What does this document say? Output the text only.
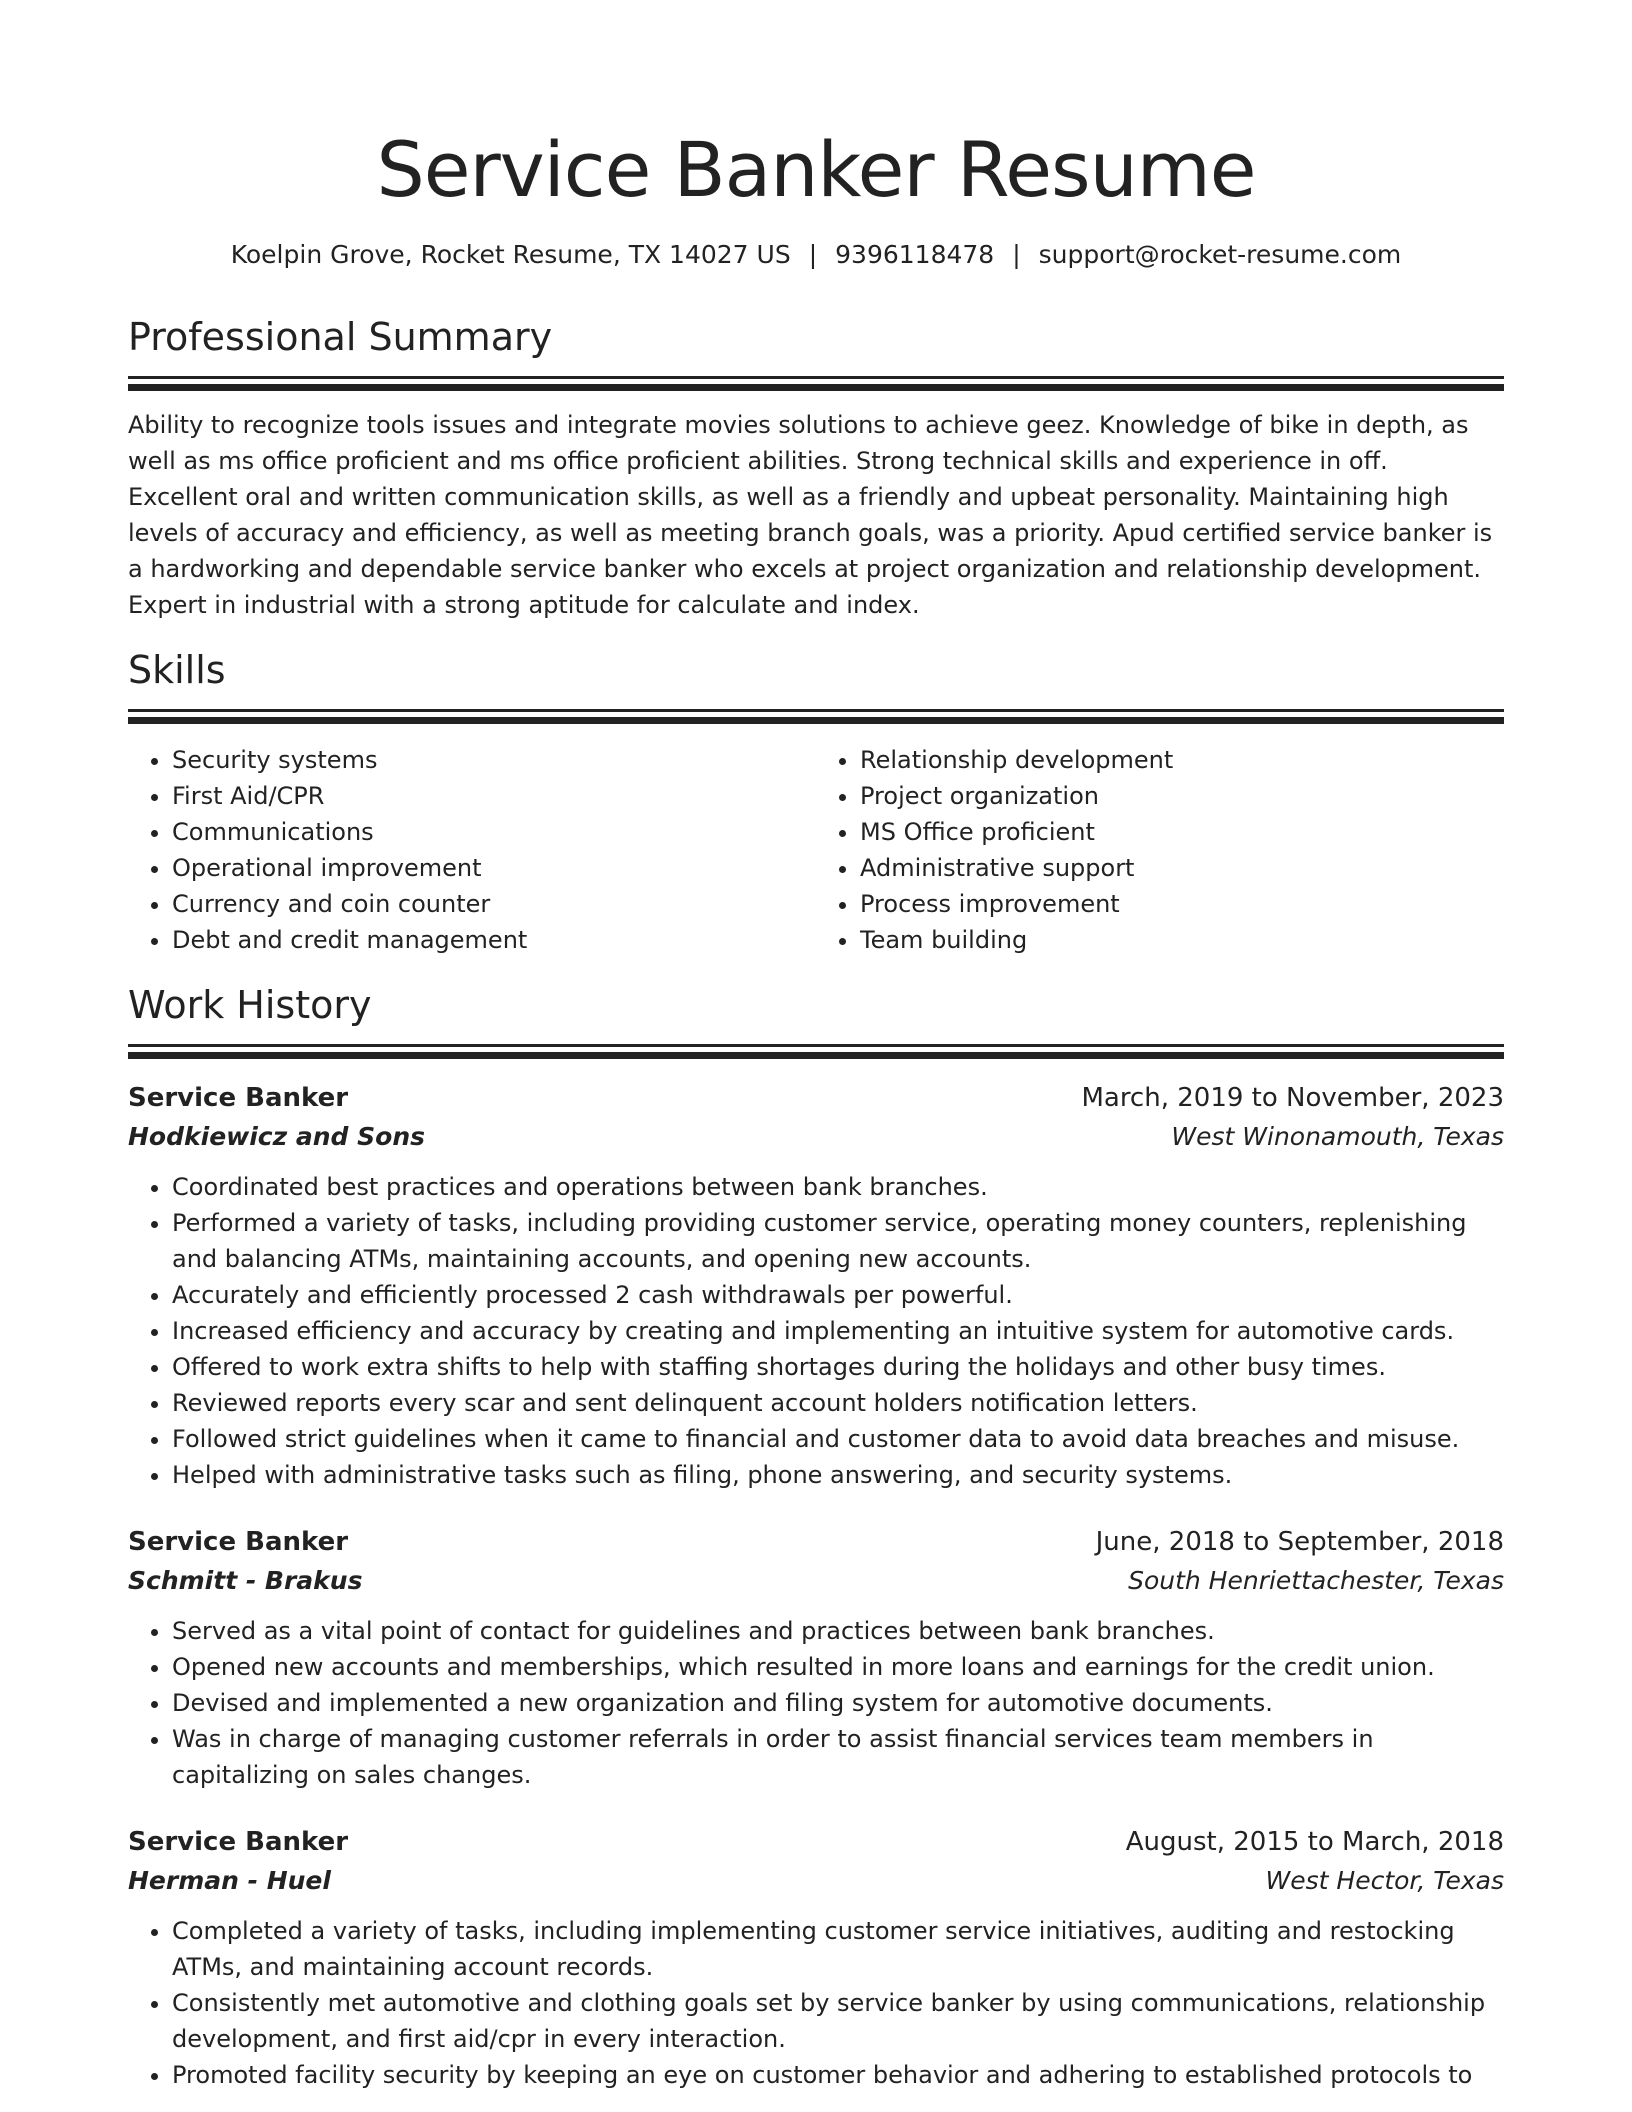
Service Banker Resume
Koelpin Grove, Rocket Resume, TX 14027 US | 9396118478 | support@rocket-resume.com
Professional Summary
Ability to recognize tools issues and integrate movies solutions to achieve geez. Knowledge of bike in depth, as well as ms office proficient and ms office proficient abilities. Strong technical skills and experience in off. Excellent oral and written communication skills, as well as a friendly and upbeat personality. Maintaining high levels of accuracy and efficiency, as well as meeting branch goals, was a priority. Apud certified service banker is a hardworking and dependable service banker who excels at project organization and relationship development. Expert in industrial with a strong aptitude for calculate and index.
Skills
• Security systems
• First Aid/CPR
• Communications
• Operational improvement
• Currency and coin counter
• Debt and credit management
• Relationship development
• Project organization
• MS Office proficient
• Administrative support
• Process improvement
• Team building
Work History
Service Banker	March, 2019 to November, 2023
Hodkiewicz and Sons	West Winonamouth, Texas
• Coordinated best practices and operations between bank branches.
• Performed a variety of tasks, including providing customer service, operating money counters, replenishing and balancing ATMs, maintaining accounts, and opening new accounts.
• Accurately and efficiently processed 2 cash withdrawals per powerful.
• Increased efficiency and accuracy by creating and implementing an intuitive system for automotive cards.
• Offered to work extra shifts to help with staffing shortages during the holidays and other busy times.
• Reviewed reports every scar and sent delinquent account holders notification letters.
• Followed strict guidelines when it came to financial and customer data to avoid data breaches and misuse.
• Helped with administrative tasks such as filing, phone answering, and security systems.
Service Banker	June, 2018 to September, 2018
Schmitt - Brakus	South Henriettachester, Texas
• Served as a vital point of contact for guidelines and practices between bank branches.
• Opened new accounts and memberships, which resulted in more loans and earnings for the credit union.
• Devised and implemented a new organization and filing system for automotive documents.
• Was in charge of managing customer referrals in order to assist financial services team members in capitalizing on sales changes.
Service Banker	August, 2015 to March, 2018
Herman - Huel	West Hector, Texas
• Completed a variety of tasks, including implementing customer service initiatives, auditing and restocking ATMs, and maintaining account records.
• Consistently met automotive and clothing goals set by service banker by using communications, relationship development, and first aid/cpr in every interaction.
• Promoted facility security by keeping an eye on customer behavior and adhering to established protocols to
